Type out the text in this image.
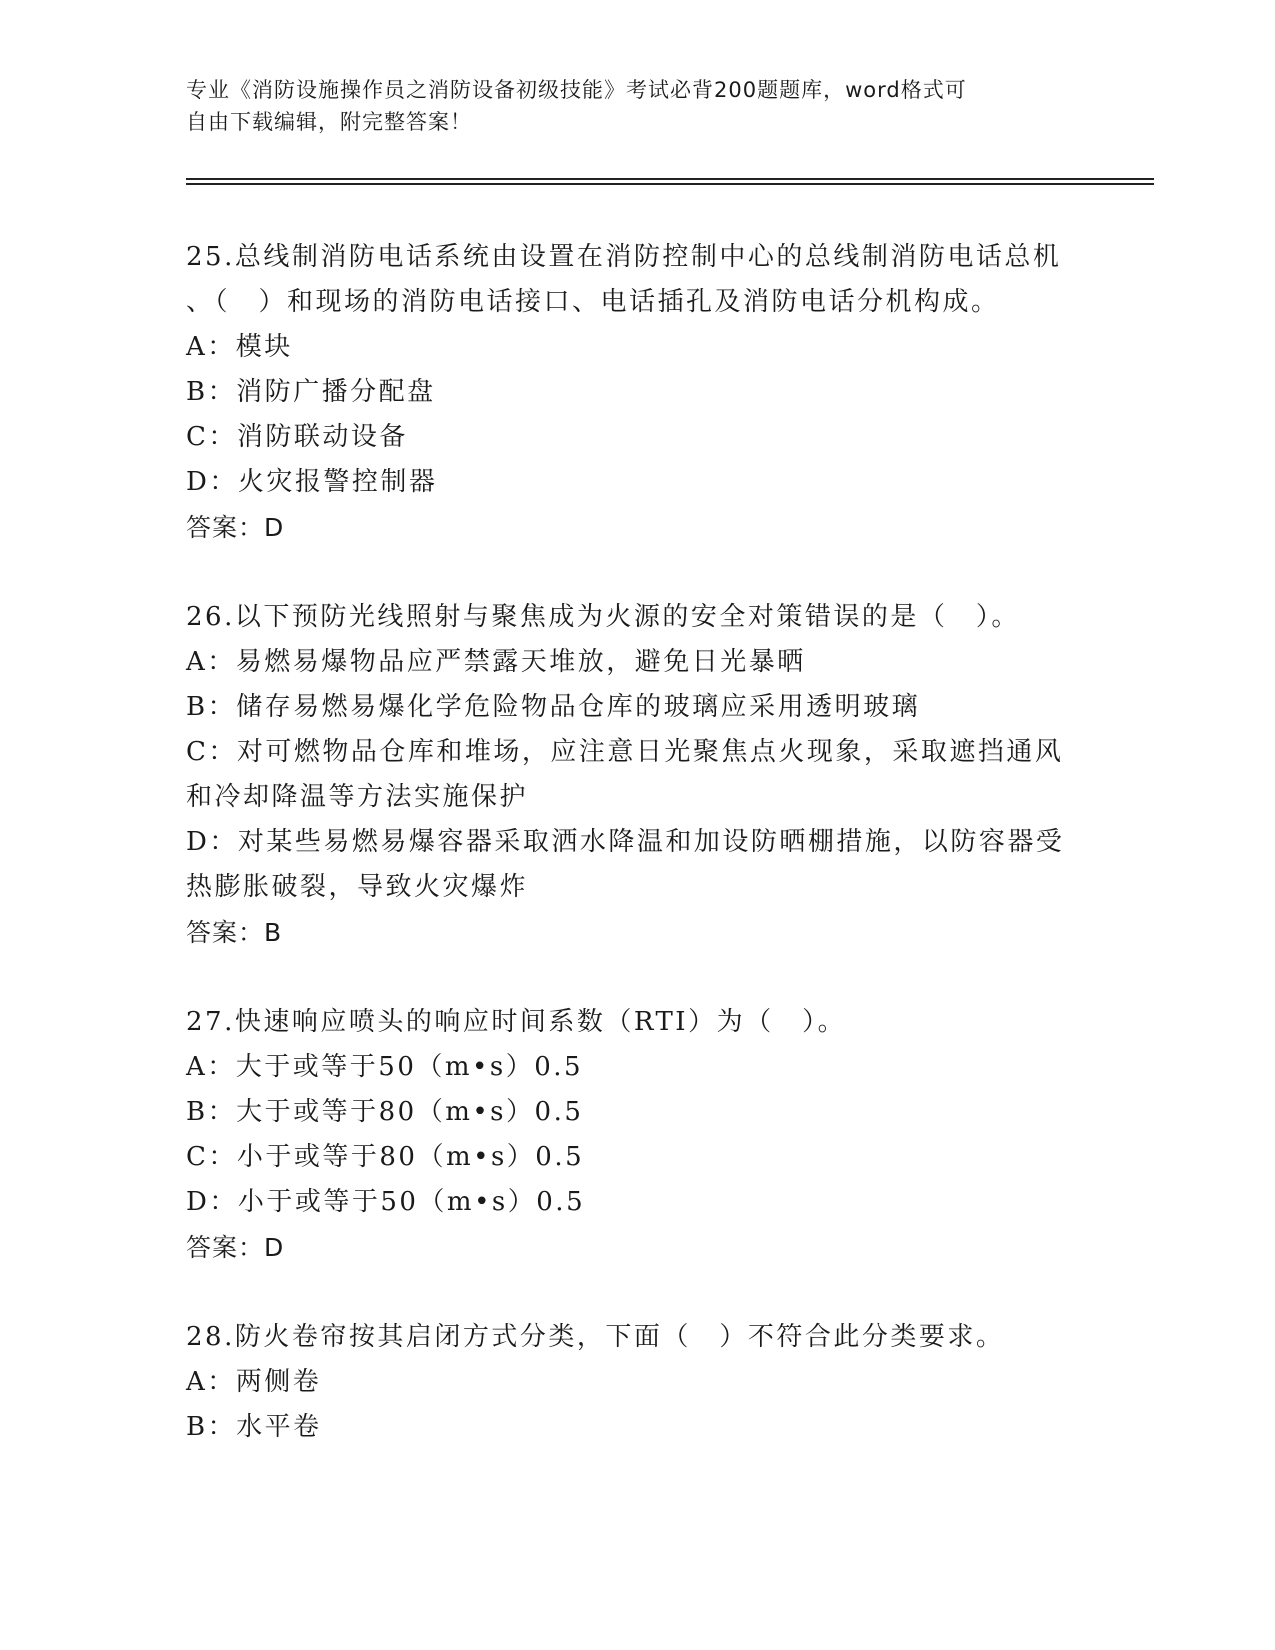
专业《消防设施操作员之消防设备初级技能》考试必背200题题库，word格式可
自由下载编辑，附完整答案！
25.总线制消防电话系统由设置在消防控制中心的总线制消防电话总机
、（　）和现场的消防电话接口、电话插孔及消防电话分机构成。
A：模块
B：消防广播分配盘
C：消防联动设备
D：火灾报警控制器
答案：D
26.以下预防光线照射与聚焦成为火源的安全对策错误的是（　）。
A：易燃易爆物品应严禁露天堆放，避免日光暴晒
B：储存易燃易爆化学危险物品仓库的玻璃应采用透明玻璃
C：对可燃物品仓库和堆场，应注意日光聚焦点火现象，采取遮挡通风
和冷却降温等方法实施保护
D：对某些易燃易爆容器采取洒水降温和加设防晒棚措施，以防容器受
热膨胀破裂，导致火灾爆炸
答案：B
27.快速响应喷头的响应时间系数（RTI）为（　）。
A：大于或等于50（m•s）0.5
B：大于或等于80（m•s）0.5
C：小于或等于80（m•s）0.5
D：小于或等于50（m•s）0.5
答案：D
28.防火卷帘按其启闭方式分类，下面（　）不符合此分类要求。
A：两侧卷
B：水平卷
